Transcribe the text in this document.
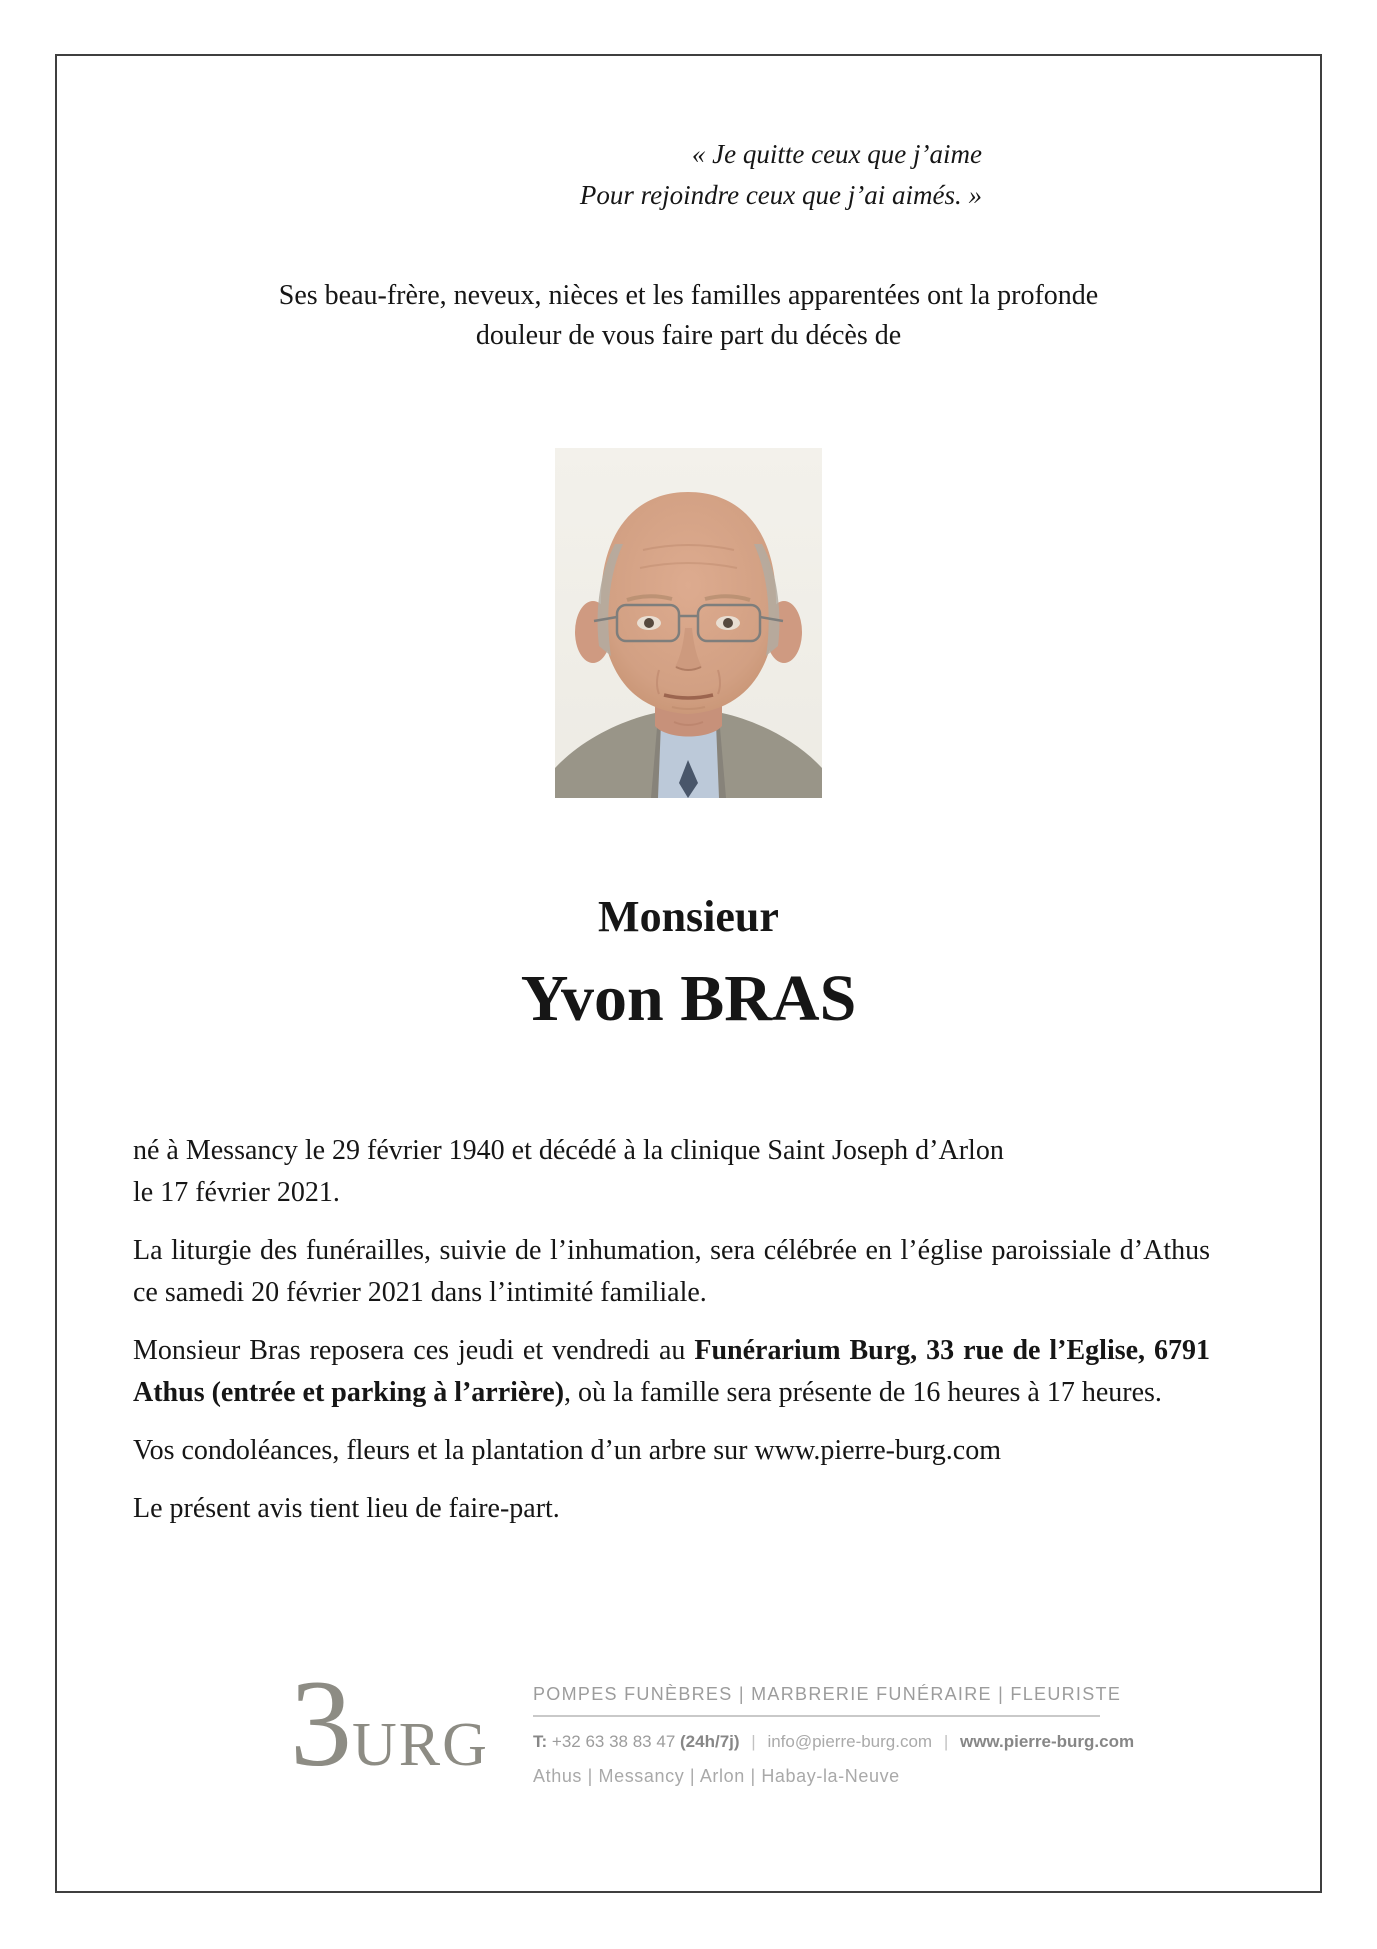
« Je quitte ceux que j’aime
Pour rejoindre ceux que j’ai aimés. »
Ses beau-frère, neveux, nièces et les familles apparentées ont la profonde
douleur de vous faire part du décès de
Monsieur
Yvon BRAS

né à Messancy le 29 février 1940 et décédé à la clinique Saint Joseph d’Arlon
le 17 février 2021.

La liturgie des funérailles, suivie de l’inhumation, sera célébrée en l’église paroissiale d’Athus ce samedi 20 février 2021 dans l’intimité familiale.

Monsieur Bras reposera ces jeudi et vendredi au Funérarium Burg, 33 rue de l’Eglise, 6791 Athus (entrée et parking à l’arrière), où la famille sera présente de 16 heures à 17 heures.

Vos condoléances, fleurs et la plantation d’un arbre sur www.pierre-burg.com

Le présent avis tient lieu de faire-part.

3 URG
POMPES FUNÈBRES | MARBRERIE FUNÉRAIRE | FLEURISTE
T: +32 63 38 83 47 (24h/7j) | info@pierre-burg.com | www.pierre-burg.com
Athus | Messancy | Arlon | Habay-la-Neuve
